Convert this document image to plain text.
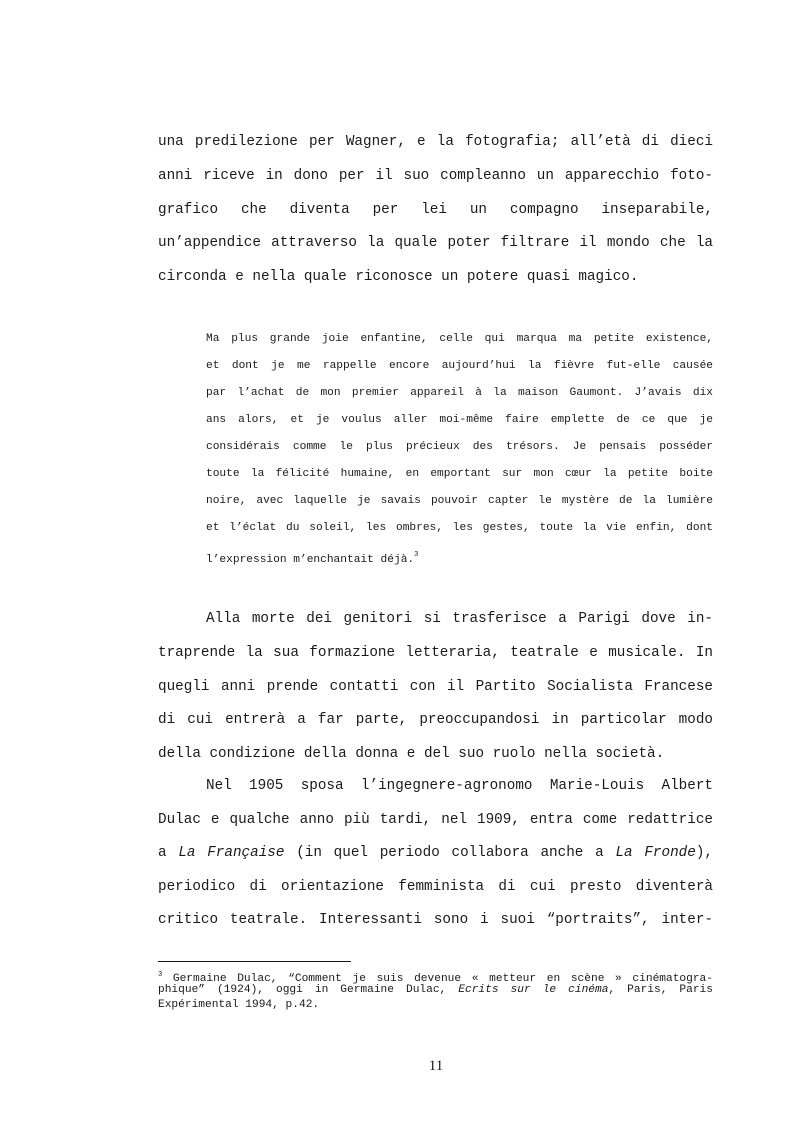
una predilezione per Wagner, e la fotografia; all’età di dieci
anni riceve in dono per il suo compleanno un apparecchio foto-
grafico che diventa per lei un compagno inseparabile,
un’appendice attraverso la quale poter filtrare il mondo che la
circonda e nella quale riconosce un potere quasi magico.
Ma plus grande joie enfantine, celle qui marqua ma petite existence,
et dont je me rappelle encore aujourd’hui la fièvre fut-elle causée
par l’achat de mon premier appareil à la maison Gaumont. J’avais dix
ans alors, et je voulus aller moi-même faire emplette de ce que je
considérais comme le plus précieux des trésors. Je pensais posséder
toute la félicité humaine, en emportant sur mon cœur la petite boite
noire, avec laquelle je savais pouvoir capter le mystère de la lumière
et l’éclat du soleil, les ombres, les gestes, toute la vie enfin, dont
l’expression m’enchantait déjà.$^3$
Alla morte dei genitori si trasferisce a Parigi dove in-
traprende la sua formazione letteraria, teatrale e musicale. In
quegli anni prende contatti con il Partito Socialista Francese
di cui entrerà a far parte, preoccupandosi in particolar modo
della condizione della donna e del suo ruolo nella società.
Nel 1905 sposa l’ingegnere-agronomo Marie-Louis Albert
Dulac e qualche anno più tardi, nel 1909, entra come redattrice
a La Française (in quel periodo collabora anche a La Fronde),
periodico di orientazione femminista di cui presto diventerà
critico teatrale. Interessanti sono i suoi “portraits”, inter-
$^3$ Germaine Dulac, “Comment je suis devenue « metteur en scène » cinématogra-
phique” (1924), oggi in Germaine Dulac, Ecrits sur le cinéma, Paris, Paris
Expérimental 1994, p.42.
11
